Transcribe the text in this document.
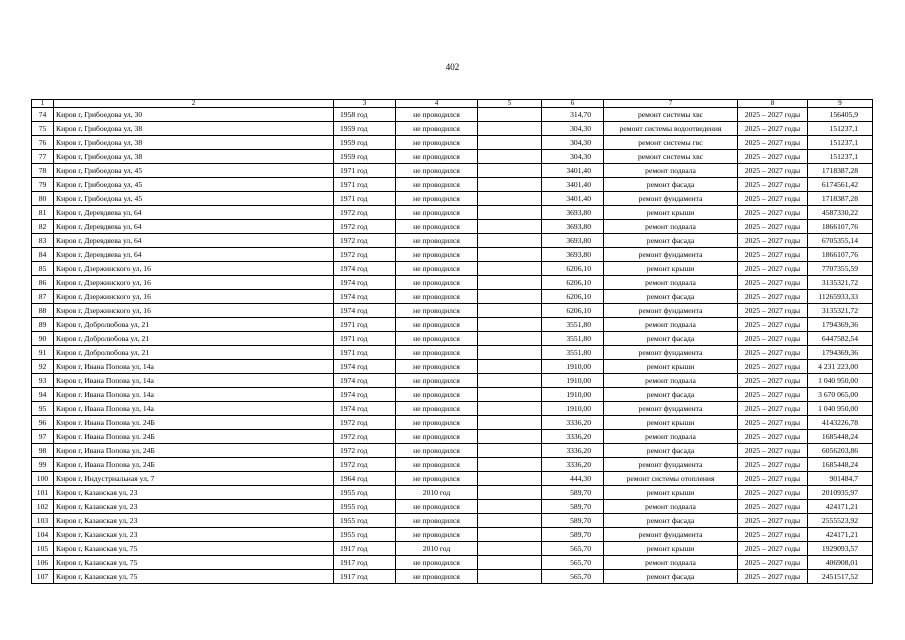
402
1	2	3	4	5	6	7	8	9
74	Киров г, Грибоедова ул, 30	1958 год	не проводился		314,70	ремонт системы хвс	2025 – 2027 годы	156405,9
75	Киров г, Грибоедова ул, 38	1959 год	не проводился		304,30	ремонт системы водоотведения	2025 – 2027 годы	151237,1
76	Киров г, Грибоедова ул, 38	1959 год	не проводился		304,30	ремонт системы гвс	2025 – 2027 годы	151237,1
77	Киров г, Грибоедова ул, 38	1959 год	не проводился		304,30	ремонт системы хвс	2025 – 2027 годы	151237,1
78	Киров г, Грибоедова ул, 45	1971 год	не проводился		3401,40	ремонт подвала	2025 – 2027 годы	1718387,28
79	Киров г, Грибоедова ул, 45	1971 год	не проводился		3401,40	ремонт фасада	2025 – 2027 годы	6174561,42
80	Киров г, Грибоедова ул, 45	1971 год	не проводился		3401,40	ремонт фундамента	2025 – 2027 годы	1718387,28
81	Киров г, Деревдяева ул, 64	1972 год	не проводился		3693,80	ремонт крыши	2025 – 2027 годы	4587330,22
82	Киров г, Деревдяева ул, 64	1972 год	не проводился		3693,80	ремонт подвала	2025 – 2027 годы	1866107,76
83	Киров г, Деревдяева ул, 64	1972 год	не проводился		3693,80	ремонт фасада	2025 – 2027 годы	6705355,14
84	Киров г, Деревдяева ул, 64	1972 год	не проводился		3693,80	ремонт фундамента	2025 – 2027 годы	1866107,76
85	Киров г, Дзержинского ул, 16	1974 год	не проводился		6206,10	ремонт крыши	2025 – 2027 годы	7707355,59
86	Киров г, Дзержинского ул, 16	1974 год	не проводился		6206,10	ремонт подвала	2025 – 2027 годы	3135321,72
87	Киров г, Дзержинского ул, 16	1974 год	не проводился		6206,10	ремонт фасада	2025 – 2027 годы	11265933,33
88	Киров г, Дзержинского ул, 16	1974 год	не проводился		6206,10	ремонт фундамента	2025 – 2027 годы	3135321,72
89	Киров г, Добролюбова ул, 21	1971 год	не проводился		3551,80	ремонт подвала	2025 – 2027 годы	1794369,36
90	Киров г, Добролюбова ул, 21	1971 год	не проводился		3551,80	ремонт фасада	2025 – 2027 годы	6447582,54
91	Киров г, Добролюбова ул, 21	1971 год	не проводился		3551,80	ремонт фундамента	2025 – 2027 годы	1794369,36
92	Киров г, Ивана Попова ул, 14а	1974 год	не проводился		1910,00	ремонт крыши	2025 – 2027 годы	4 231 223,00
93	Киров г, Ивана Попова ул, 14а	1974 год	не проводился		1910,00	ремонт подвала	2025 – 2027 годы	1 040 950,00
94	Киров г. Ивана Попова ул. 14а	1974 год	не проводился		1910,00	ремонт фасада	2025 – 2027 годы	3 670 065,00
95	Киров г, Ивана Попова ул, 14а	1974 год	не проводился		1910,00	ремонт фундамента	2025 – 2027 годы	1 040 950,00
96	Киров г. Ивана Попова ул. 24Б	1972 год	не проводился		3336,20	ремонт крыши	2025 – 2027 годы	4143226,78
97	Киров г. Ивана Попова ул. 24Б	1972 год	не проводился		3336,20	ремонт подвала	2025 – 2027 годы	1685448,24
98	Киров г, Ивана Попова ул, 24Б	1972 год	не проводился		3336,20	ремонт фасада	2025 – 2027 годы	6056203,86
99	Киров г, Ивана Попова ул, 24Б	1972 год	не проводился		3336,20	ремонт фундамента	2025 – 2027 годы	1685448,24
100	Киров г, Индустриальная ул, 7	1964 год	не проводился		444,30	ремонт системы отопления	2025 – 2027 годы	901484,7
101	Киров г, Казанская ул, 23	1955 год	2010 год		589,70	ремонт крыши	2025 – 2027 годы	2010935,97
102	Киров г, Казанская ул, 23	1955 год	не проводился		589,70	ремонт подвала	2025 – 2027 годы	424171,21
103	Киров г, Казанская ул, 23	1955 год	не проводился		589,70	ремонт фасада	2025 – 2027 годы	2555523,92
104	Киров г, Казанская ул, 23	1955 год	не проводился		589,70	ремонт фундамента	2025 – 2027 годы	424171,21
105	Киров г, Казанская ул, 75	1917 год	2010 год		565,70	ремонт крыши	2025 – 2027 годы	1929093,57
106	Киров г, Казанская ул, 75	1917 год	не проводился		565,70	ремонт подвала	2025 – 2027 годы	406908,01
107	Киров г, Казанская ул, 75	1917 год	не проводился		565,70	ремонт фасада	2025 – 2027 годы	2451517,52
